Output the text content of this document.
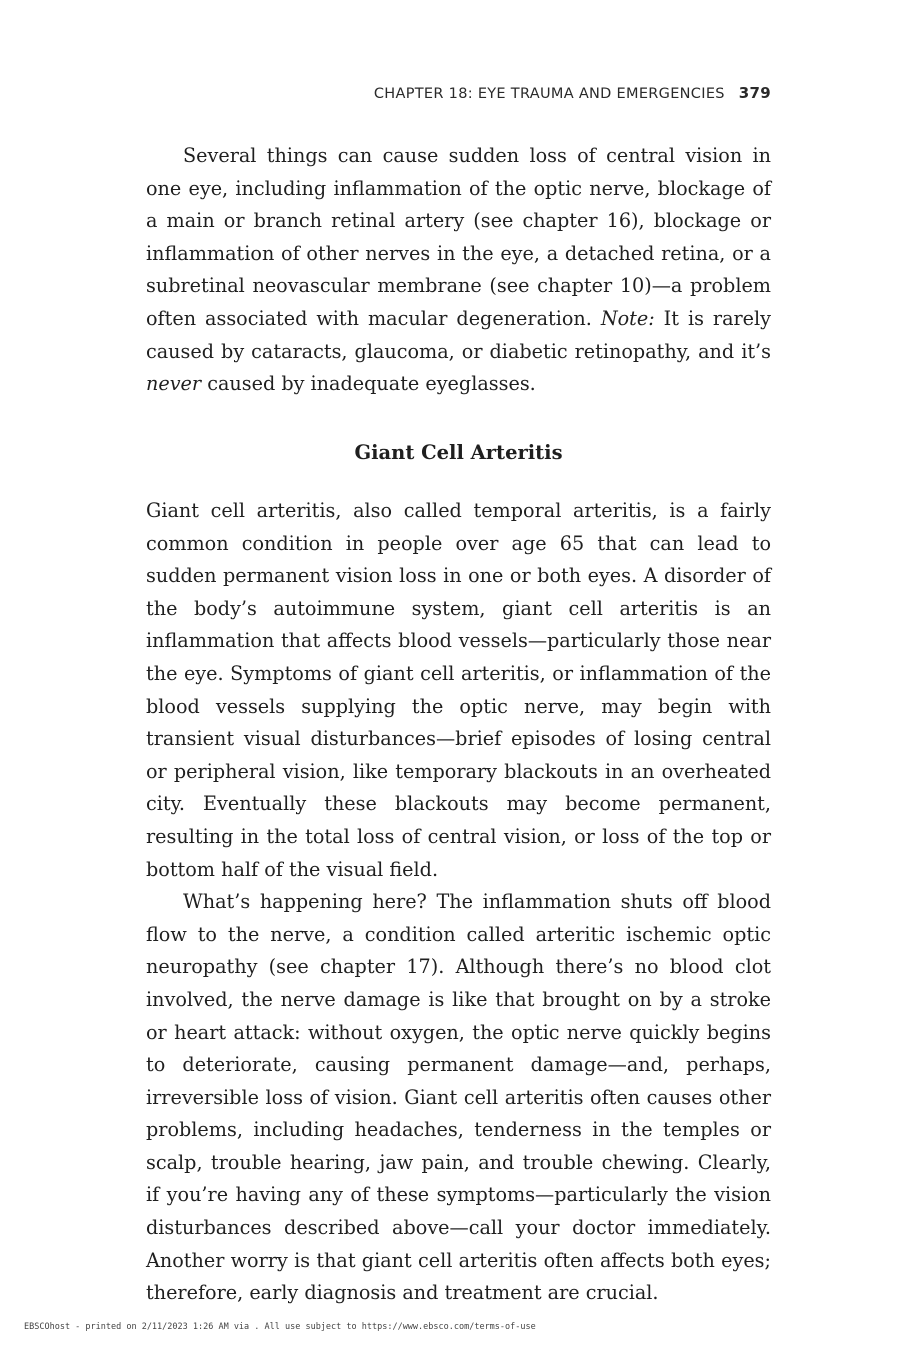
CHAPTER 18: EYE TRAUMA AND EMERGENCIES 379

Several things can cause sudden loss of central vision in one eye, including inflammation of the optic nerve, blockage of a main or branch retinal artery (see chapter 16), blockage or inflammation of other nerves in the eye, a detached retina, or a subretinal neovascular membrane (see chapter 10)—a problem often associated with macular degeneration. Note: It is rarely caused by cataracts, glaucoma, or diabetic retinopathy, and it’s never caused by inadequate eyeglasses.

Giant Cell Arteritis

Giant cell arteritis, also called temporal arteritis, is a fairly common condition in people over age 65 that can lead to sudden permanent vision loss in one or both eyes. A disorder of the body’s autoimmune system, giant cell arteritis is an inflammation that affects blood vessels—particularly those near the eye. Symptoms of giant cell arteritis, or inflammation of the blood vessels supplying the optic nerve, may begin with transient visual disturbances—brief episodes of losing central or peripheral vision, like temporary blackouts in an overheated city. Eventually these blackouts may become permanent, resulting in the total loss of central vision, or loss of the top or bottom half of the visual field.

What’s happening here? The inflammation shuts off blood flow to the nerve, a condition called arteritic ischemic optic neuropathy (see chapter 17). Although there’s no blood clot involved, the nerve damage is like that brought on by a stroke or heart attack: without oxygen, the optic nerve quickly begins to deteriorate, causing permanent damage—and, perhaps, irreversible loss of vision. Giant cell arteritis often causes other problems, including headaches, tenderness in the temples or scalp, trouble hearing, jaw pain, and trouble chewing. Clearly, if you’re having any of these symptoms—particularly the vision disturbances described above—call your doctor immediately. Another worry is that giant cell arteritis often affects both eyes; therefore, early diagnosis and treatment are crucial.

EBSCOhost - printed on 2/11/2023 1:26 AM via . All use subject to https://www.ebsco.com/terms-of-use
